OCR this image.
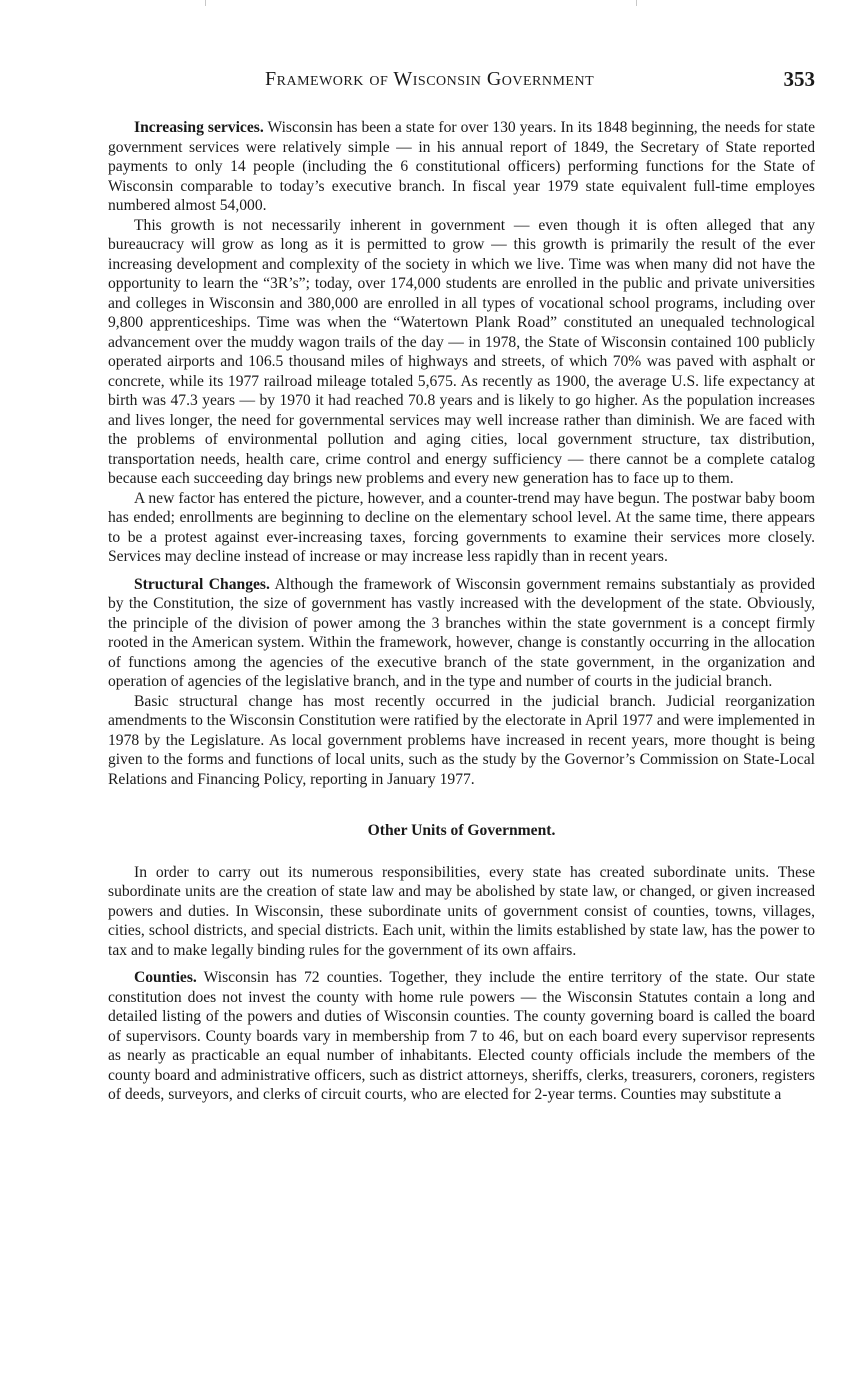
Framework of Wisconsin Government	353

Increasing services. Wisconsin has been a state for over 130 years. In its 1848 beginning, the needs for state government services were relatively simple — in his annual report of 1849, the Secretary of State reported payments to only 14 people (including the 6 constitutional officers) performing functions for the State of Wisconsin comparable to today’s executive branch. In fiscal year 1979 state equivalent full-time employes numbered almost 54,000.

This growth is not necessarily inherent in government — even though it is often alleged that any bureaucracy will grow as long as it is permitted to grow — this growth is primarily the result of the ever increasing development and complexity of the society in which we live. Time was when many did not have the opportunity to learn the “3R’s”; today, over 174,000 students are enrolled in the public and private universities and colleges in Wisconsin and 380,000 are enrolled in all types of vocational school programs, including over 9,800 apprenticeships. Time was when the “Watertown Plank Road” constituted an unequaled technological advancement over the muddy wagon trails of the day — in 1978, the State of Wisconsin contained 100 publicly operated airports and 106.5 thousand miles of highways and streets, of which 70% was paved with asphalt or concrete, while its 1977 railroad mileage totaled 5,675. As recently as 1900, the average U.S. life expectancy at birth was 47.3 years — by 1970 it had reached 70.8 years and is likely to go higher. As the population increases and lives longer, the need for governmental services may well increase rather than diminish. We are faced with the problems of environmental pollution and aging cities, local government structure, tax distribution, transportation needs, health care, crime control and energy sufficiency — there cannot be a complete catalog because each succeeding day brings new problems and every new generation has to face up to them.

A new factor has entered the picture, however, and a counter-trend may have begun. The postwar baby boom has ended; enrollments are beginning to decline on the elementary school level. At the same time, there appears to be a protest against ever-increasing taxes, forcing governments to examine their services more closely. Services may decline instead of increase or may increase less rapidly than in recent years.

Structural Changes. Although the framework of Wisconsin government remains substantialy as provided by the Constitution, the size of government has vastly increased with the development of the state. Obviously, the principle of the division of power among the 3 branches within the state government is a concept firmly rooted in the American system. Within the framework, however, change is constantly occurring in the allocation of functions among the agencies of the executive branch of the state government, in the organization and operation of agencies of the legislative branch, and in the type and number of courts in the judicial branch.

Basic structural change has most recently occurred in the judicial branch. Judicial reorganization amendments to the Wisconsin Constitution were ratified by the electorate in April 1977 and were implemented in 1978 by the Legislature. As local government problems have increased in recent years, more thought is being given to the forms and functions of local units, such as the study by the Governor’s Commission on State-Local Relations and Financing Policy, reporting in January 1977.

Other Units of Government.

In order to carry out its numerous responsibilities, every state has created subordinate units. These subordinate units are the creation of state law and may be abolished by state law, or changed, or given increased powers and duties. In Wisconsin, these subordinate units of government consist of counties, towns, villages, cities, school districts, and special districts. Each unit, within the limits established by state law, has the power to tax and to make legally binding rules for the government of its own affairs.

Counties. Wisconsin has 72 counties. Together, they include the entire territory of the state. Our state constitution does not invest the county with home rule powers — the Wisconsin Statutes contain a long and detailed listing of the powers and duties of Wisconsin counties. The county governing board is called the board of supervisors. County boards vary in membership from 7 to 46, but on each board every supervisor represents as nearly as practicable an equal number of inhabitants. Elected county officials include the members of the county board and administrative officers, such as district attorneys, sheriffs, clerks, treasurers, coroners, registers of deeds, surveyors, and clerks of circuit courts, who are elected for 2-year terms. Counties may substitute a
